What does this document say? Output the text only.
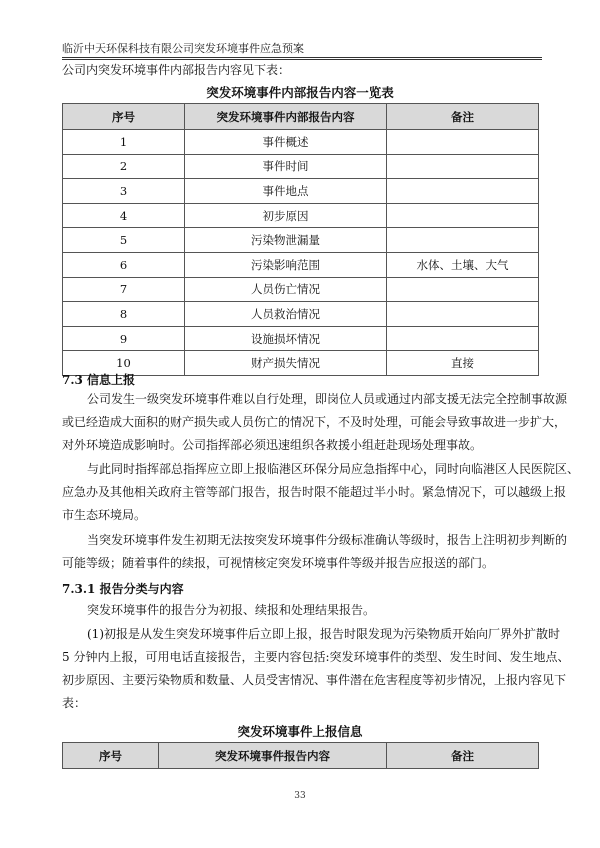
临沂中天环保科技有限公司突发环境事件应急预案
公司内突发环境事件内部报告内容见下表：
突发环境事件内部报告内容一览表
序号	突发环境事件内部报告内容	备注
1	事件概述	
2	事件时间	
3	事件地点	
4	初步原因	
5	污染物泄漏量	
6	污染影响范围	水体、土壤、大气
7	人员伤亡情况	
8	人员救治情况	
9	设施损坏情况	
10	财产损失情况	直接
7.3 信息上报
公司发生一级突发环境事件难以自行处理，即岗位人员或通过内部支援无法完全控制事故源
或已经造成大面积的财产损失或人员伤亡的情况下，不及时处理，可能会导致事故进一步扩大，
对外环境造成影响时。公司指挥部必须迅速组织各救援小组赶赴现场处理事故。
与此同时指挥部总指挥应立即上报临港区环保分局应急指挥中心，同时向临港区人民医院区、
应急办及其他相关政府主管等部门报告，报告时限不能超过半小时。紧急情况下，可以越级上报
市生态环境局。
当突发环境事件发生初期无法按突发环境事件分级标准确认等级时，报告上注明初步判断的
可能等级；随着事件的续报，可视情核定突发环境事件等级并报告应报送的部门。
7.3.1 报告分类与内容
突发环境事件的报告分为初报、续报和处理结果报告。
(1)初报是从发生突发环境事件后立即上报，报告时限发现为污染物质开始向厂界外扩散时
5 分钟内上报，可用电话直接报告，主要内容包括:突发环境事件的类型、发生时间、发生地点、
初步原因、主要污染物质和数量、人员受害情况、事件潜在危害程度等初步情况，上报内容见下
表：
突发环境事件上报信息
序号	突发环境事件报告内容	备注
33
